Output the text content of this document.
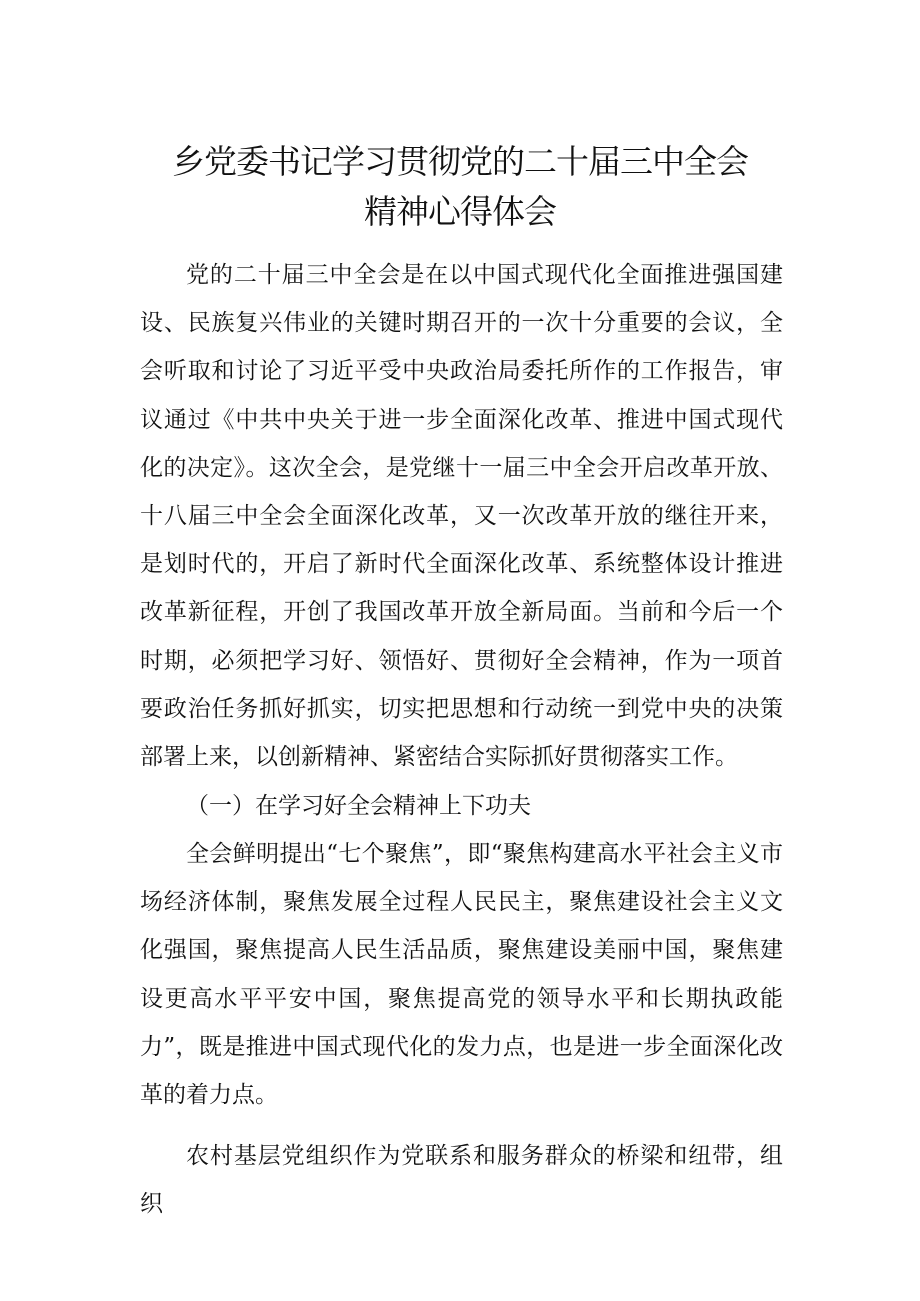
乡党委书记学习贯彻党的二十届三中全会
精神心得体会

党的二十届三中全会是在以中国式现代化全面推进强国建设、民族复兴伟业的关键时期召开的一次十分重要的会议，全会听取和讨论了习近平受中央政治局委托所作的工作报告，审议通过《中共中央关于进一步全面深化改革、推进中国式现代化的决定》。这次全会，是党继十一届三中全会开启改革开放、十八届三中全会全面深化改革，又一次改革开放的继往开来，是划时代的，开启了新时代全面深化改革、系统整体设计推进改革新征程，开创了我国改革开放全新局面。当前和今后一个时期，必须把学习好、领悟好、贯彻好全会精神，作为一项首要政治任务抓好抓实，切实把思想和行动统一到党中央的决策部署上来，以创新精神、紧密结合实际抓好贯彻落实工作。

（一）在学习好全会精神上下功夫

全会鲜明提出“七个聚焦”，即“聚焦构建高水平社会主义市场经济体制，聚焦发展全过程人民民主，聚焦建设社会主义文化强国，聚焦提高人民生活品质，聚焦建设美丽中国，聚焦建设更高水平平安中国，聚焦提高党的领导水平和长期执政能力”，既是推进中国式现代化的发力点，也是进一步全面深化改革的着力点。

农村基层党组织作为党联系和服务群众的桥梁和纽带，组织
